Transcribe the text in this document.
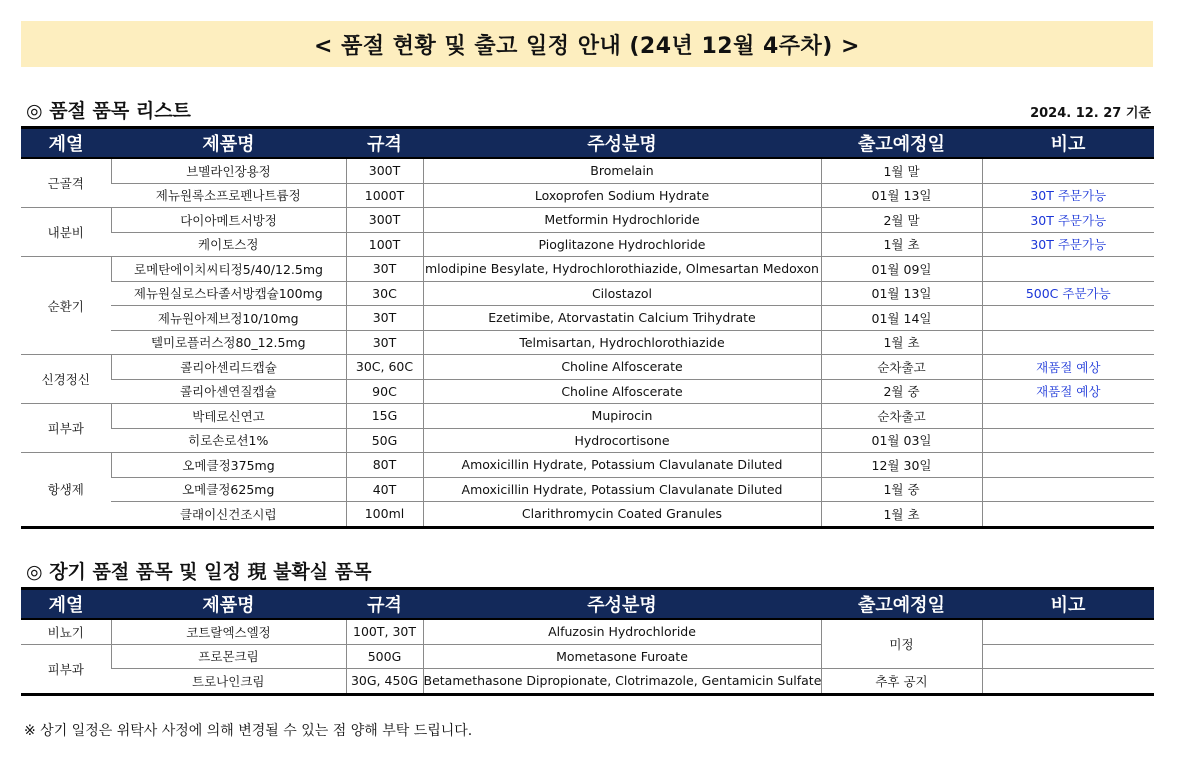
< 품절 현황 및 출고 일정 안내 (24년 12월 4주차) >
◎ 품절 품목 리스트	2024. 12. 27 기준
계열	제품명	규격	주성분명	출고예정일	비고
근골격	브멜라인장용정	300T	Bromelain	1월 말	
	제뉴원록소프로펜나트륨정	1000T	Loxoprofen Sodium Hydrate	01월 13일	30T 주문가능
내분비	다이아메트서방정	300T	Metformin Hydrochloride	2월 말	30T 주문가능
	케이토스정	100T	Pioglitazone Hydrochloride	1월 초	30T 주문가능
순환기	로메탄에이치씨티정5/40/12.5mg	30T	mlodipine Besylate, Hydrochlorothiazide, Olmesartan Medoxon	01월 09일	
	제뉴원실로스타졸서방캡슐100mg	30C	Cilostazol	01월 13일	500C 주문가능
	제뉴원아제브정10/10mg	30T	Ezetimibe, Atorvastatin Calcium Trihydrate	01월 14일	
	텔미로플러스정80_12.5mg	30T	Telmisartan, Hydrochlorothiazide	1월 초	
신경정신	콜리아센리드캡슐	30C, 60C	Choline Alfoscerate	순차출고	재품절 예상
	콜리아센연질캡슐	90C	Choline Alfoscerate	2월 중	재품절 예상
피부과	박테로신연고	15G	Mupirocin	순차출고	
	히로손로션1%	50G	Hydrocortisone	01월 03일	
항생제	오메클정375mg	80T	Amoxicillin Hydrate, Potassium Clavulanate Diluted	12월 30일	
	오메클정625mg	40T	Amoxicillin Hydrate, Potassium Clavulanate Diluted	1월 중	
	클래이신건조시럽	100ml	Clarithromycin Coated Granules	1월 초	
◎ 장기 품절 품목 및 일정 現 불확실 품목
계열	제품명	규격	주성분명	출고예정일	비고
비뇨기	코트랄엑스엘정	100T, 30T	Alfuzosin Hydrochloride	미정	
피부과	프로몬크림	500G	Mometasone Furoate		
	트로나인크림	30G, 450G	Betamethasone Dipropionate, Clotrimazole, Gentamicin Sulfate	추후 공지	
※ 상기 일정은 위탁사 사정에 의해 변경될 수 있는 점 양해 부탁 드립니다.
